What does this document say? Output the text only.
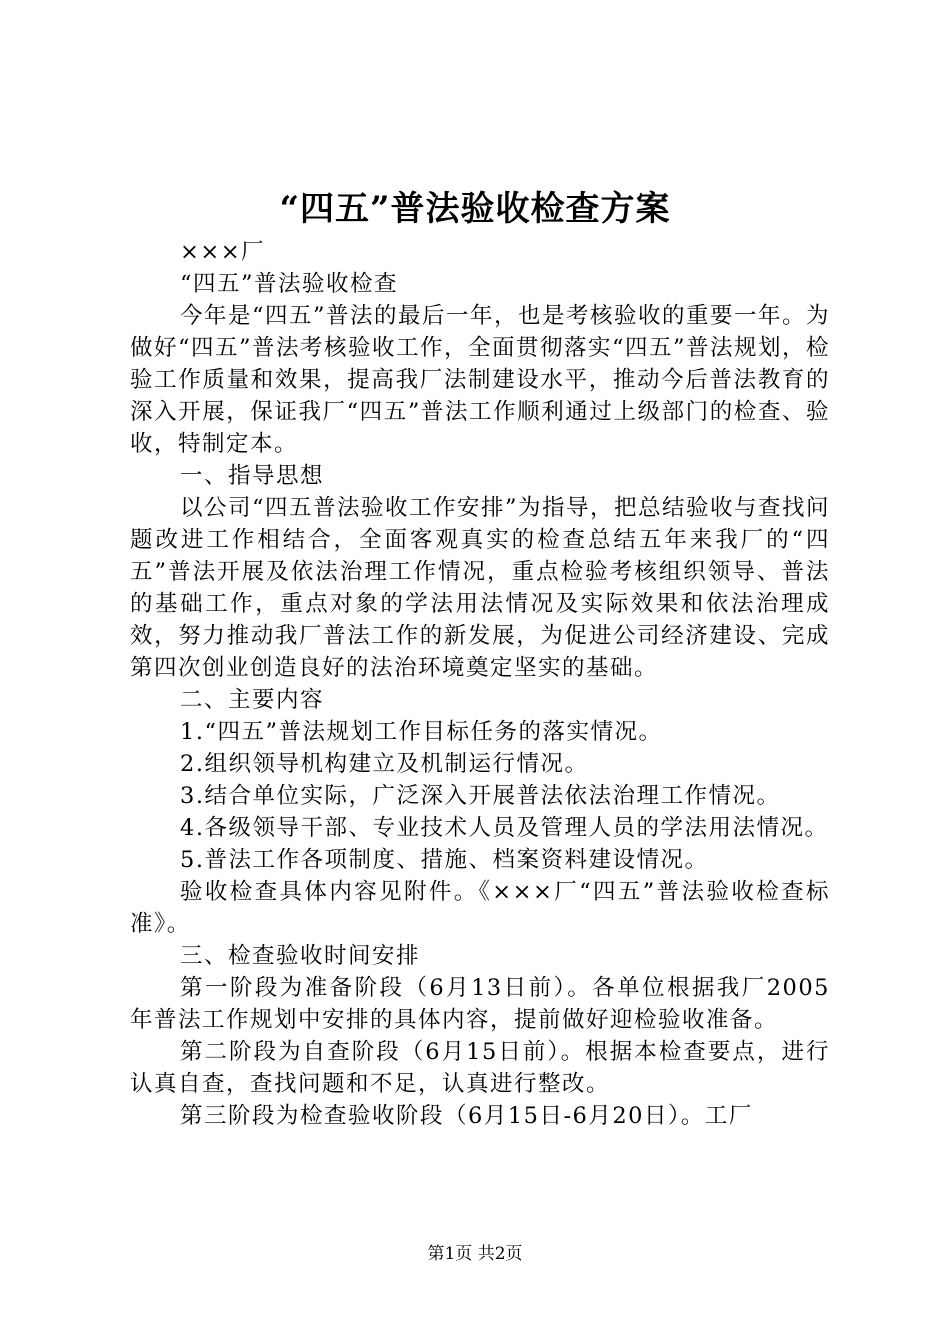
“四五”普法验收检查方案

×××厂

“四五”普法验收检查

今年是“四五”普法的最后一年，也是考核验收的重要一年。为做好“四五”普法考核验收工作，全面贯彻落实“四五”普法规划，检验工作质量和效果，提高我厂法制建设水平，推动今后普法教育的深入开展，保证我厂“四五”普法工作顺利通过上级部门的检查、验收，特制定本。

一、指导思想

以公司“四五普法验收工作安排”为指导，把总结验收与查找问题改进工作相结合，全面客观真实的检查总结五年来我厂的“四五”普法开展及依法治理工作情况，重点检验考核组织领导、普法的基础工作，重点对象的学法用法情况及实际效果和依法治理成效，努力推动我厂普法工作的新发展，为促进公司经济建设、完成第四次创业创造良好的法治环境奠定坚实的基础。

二、主要内容

1.“四五”普法规划工作目标任务的落实情况。

2.组织领导机构建立及机制运行情况。

3.结合单位实际，广泛深入开展普法依法治理工作情况。

4.各级领导干部、专业技术人员及管理人员的学法用法情况。

5.普法工作各项制度、措施、档案资料建设情况。

验收检查具体内容见附件。《×××厂“四五”普法验收检查标准》。

三、检查验收时间安排

第一阶段为准备阶段（6月13日前）。各单位根据我厂2005年普法工作规划中安排的具体内容，提前做好迎检验收准备。

第二阶段为自查阶段（6月15日前）。根据本检查要点，进行认真自查，查找问题和不足，认真进行整改。

第三阶段为检查验收阶段（6月15日-6月20日）。工厂

第1页 共2页
